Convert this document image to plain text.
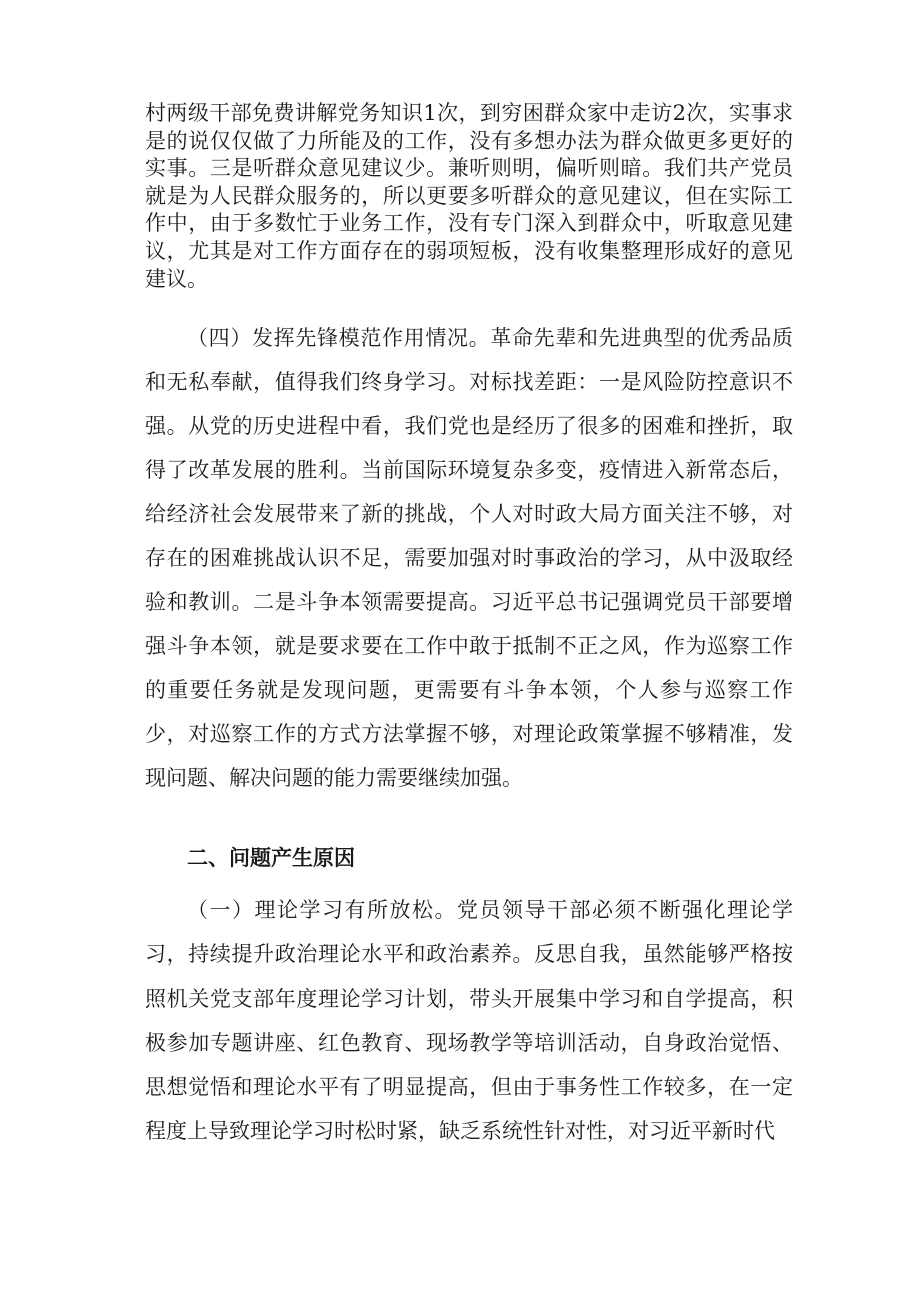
村两级干部免费讲解党务知识1次，到穷困群众家中走访2次，实事求是的说仅仅做了力所能及的工作，没有多想办法为群众做更多更好的实事。三是听群众意见建议少。兼听则明，偏听则暗。我们共产党员就是为人民群众服务的，所以更要多听群众的意见建议，但在实际工作中，由于多数忙于业务工作，没有专门深入到群众中，听取意见建议，尤其是对工作方面存在的弱项短板，没有收集整理形成好的意见建议。

（四）发挥先锋模范作用情况。革命先辈和先进典型的优秀品质和无私奉献，值得我们终身学习。对标找差距：一是风险防控意识不强。从党的历史进程中看，我们党也是经历了很多的困难和挫折，取得了改革发展的胜利。当前国际环境复杂多变，疫情进入新常态后，给经济社会发展带来了新的挑战，个人对时政大局方面关注不够，对存在的困难挑战认识不足，需要加强对时事政治的学习，从中汲取经验和教训。二是斗争本领需要提高。习近平总书记强调党员干部要增强斗争本领，就是要求要在工作中敢于抵制不正之风，作为巡察工作的重要任务就是发现问题，更需要有斗争本领，个人参与巡察工作少，对巡察工作的方式方法掌握不够，对理论政策掌握不够精准，发现问题、解决问题的能力需要继续加强。

二、问题产生原因

（一）理论学习有所放松。党员领导干部必须不断强化理论学习，持续提升政治理论水平和政治素养。反思自我，虽然能够严格按照机关党支部年度理论学习计划，带头开展集中学习和自学提高，积极参加专题讲座、红色教育、现场教学等培训活动，自身政治觉悟、思想觉悟和理论水平有了明显提高，但由于事务性工作较多，在一定程度上导致理论学习时松时紧，缺乏系统性针对性，对习近平新时代
